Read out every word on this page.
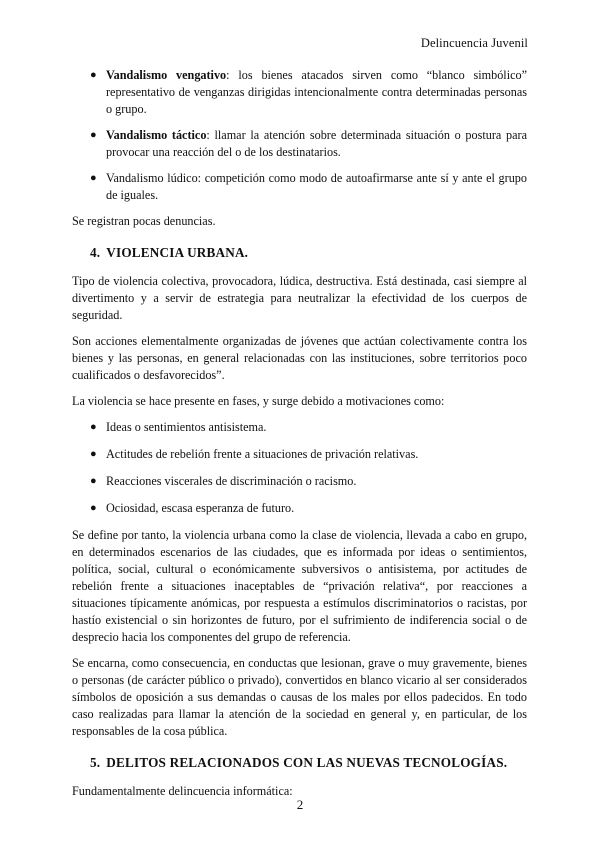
Delincuencia Juvenil
● Vandalismo vengativo: los bienes atacados sirven como “blanco simbólico” representativo de venganzas dirigidas intencionalmente contra determinadas personas o grupo.
● Vandalismo táctico: llamar la atención sobre determinada situación o postura para provocar una reacción del o de los destinatarios.
● Vandalismo lúdico: competición como modo de autoafirmarse ante sí y ante el grupo de iguales.

Se registran pocas denuncias.

4. VIOLENCIA URBANA.

Tipo de violencia colectiva, provocadora, lúdica, destructiva. Está destinada, casi siempre al divertimento y a servir de estrategia para neutralizar la efectividad de los cuerpos de seguridad.

Son acciones elementalmente organizadas de jóvenes que actúan colectivamente contra los bienes y las personas, en general relacionadas con las instituciones, sobre territorios poco cualificados o desfavorecidos”.

La violencia se hace presente en fases, y surge debido a motivaciones como:

● Ideas o sentimientos antisistema.
● Actitudes de rebelión frente a situaciones de privación relativas.
● Reacciones viscerales de discriminación o racismo.
● Ociosidad, escasa esperanza de futuro.

Se define por tanto, la violencia urbana como la clase de violencia, llevada a cabo en grupo, en determinados escenarios de las ciudades, que es informada por ideas o sentimientos, política, social, cultural o económicamente subversivos o antisistema, por actitudes de rebelión frente a situaciones inaceptables de “privación relativa“, por reacciones a situaciones típicamente anómicas, por respuesta a estímulos discriminatorios o racistas, por hastío existencial o sin horizontes de futuro, por el sufrimiento de indiferencia social o de desprecio hacia los componentes del grupo de referencia.

Se encarna, como consecuencia, en conductas que lesionan, grave o muy gravemente, bienes o personas (de carácter público o privado), convertidos en blanco vicario al ser considerados símbolos de oposición a sus demandas o causas de los males por ellos padecidos. En todo caso realizadas para llamar la atención de la sociedad en general y, en particular, de los responsables de la cosa pública.

5. DELITOS RELACIONADOS CON LAS NUEVAS TECNOLOGÍAS.

Fundamentalmente delincuencia informática:

2
